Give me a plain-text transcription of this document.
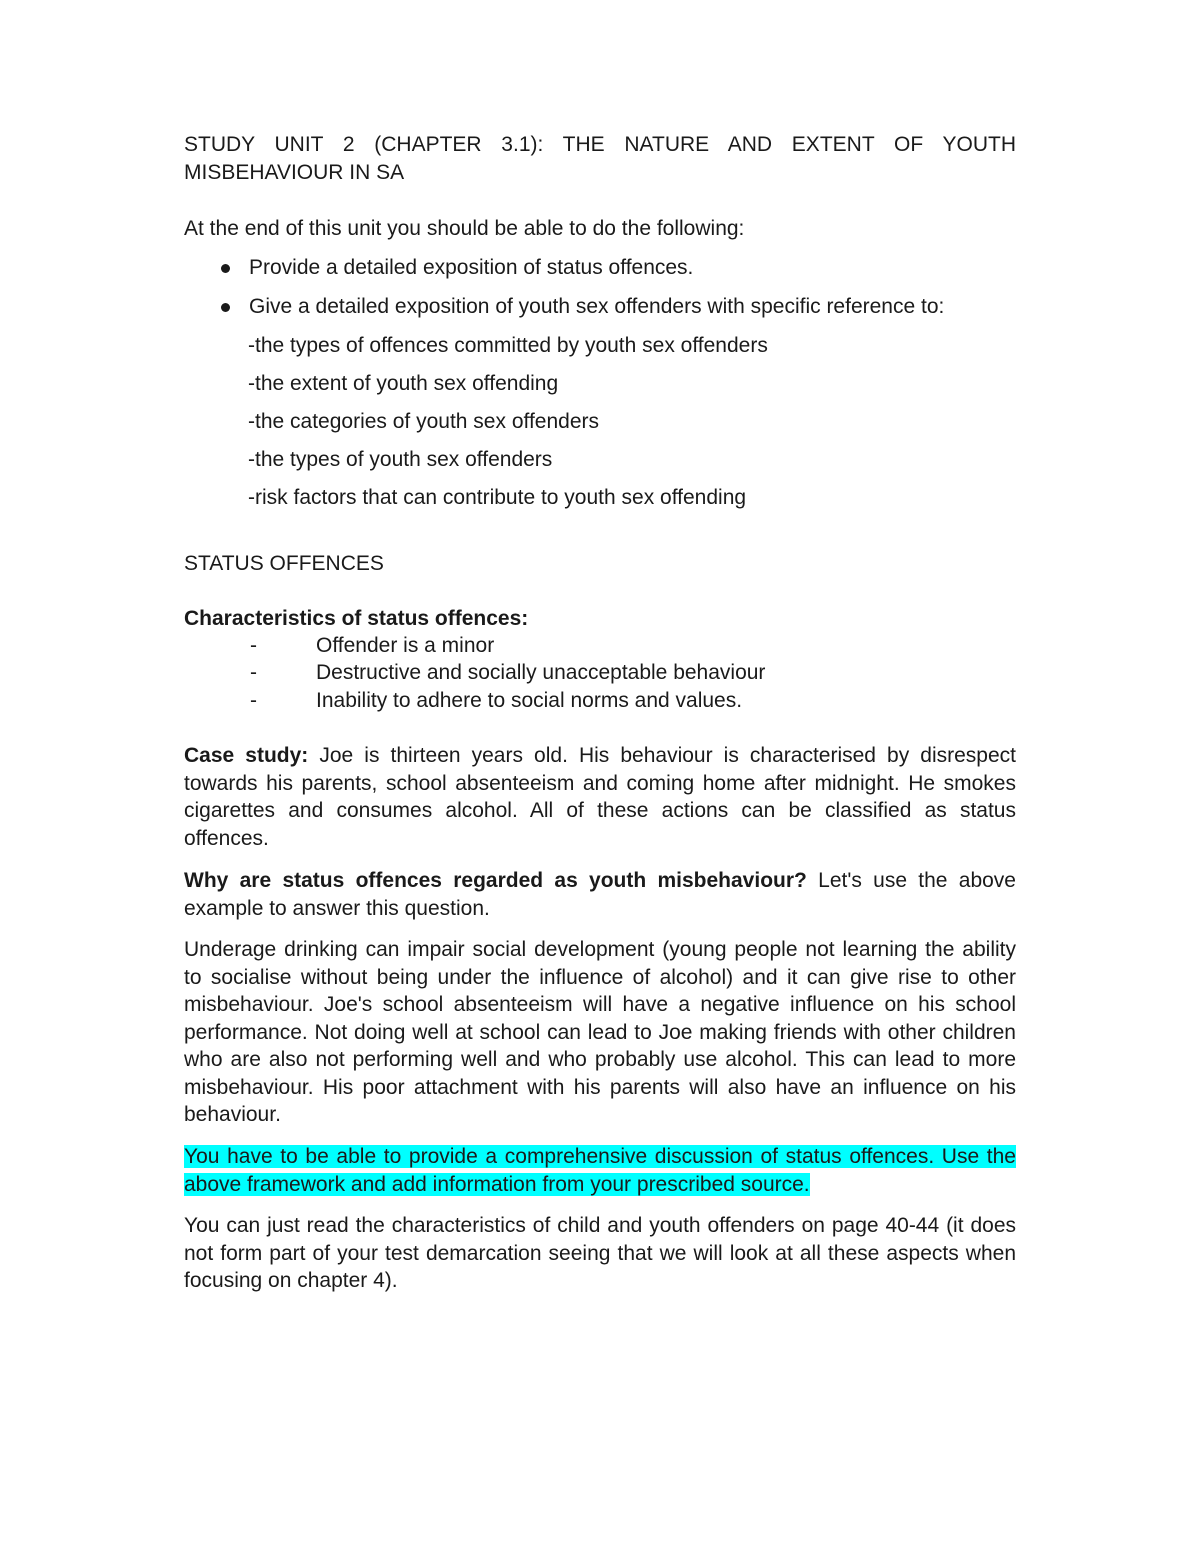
STUDY UNIT 2 (CHAPTER 3.1): THE NATURE AND EXTENT OF YOUTH MISBEHAVIOUR IN SA
At the end of this unit you should be able to do the following:
Provide a detailed exposition of status offences.
Give a detailed exposition of youth sex offenders with specific reference to:
-the types of offences committed by youth sex offenders
-the extent of youth sex offending
-the categories of youth sex offenders
-the types of youth sex offenders
-risk factors that can contribute to youth sex offending
STATUS OFFENCES
Characteristics of status offences:
-	Offender is a minor
-	Destructive and socially unacceptable behaviour
-	Inability to adhere to social norms and values.
Case study: Joe is thirteen years old. His behaviour is characterised by disrespect towards his parents, school absenteeism and coming home after midnight. He smokes cigarettes and consumes alcohol. All of these actions can be classified as status offences.
Why are status offences regarded as youth misbehaviour? Let's use the above example to answer this question.
Underage drinking can impair social development (young people not learning the ability to socialise without being under the influence of alcohol) and it can give rise to other misbehaviour. Joe's school absenteeism will have a negative influence on his school performance. Not doing well at school can lead to Joe making friends with other children who are also not performing well and who probably use alcohol. This can lead to more misbehaviour. His poor attachment with his parents will also have an influence on his behaviour.
You have to be able to provide a comprehensive discussion of status offences. Use the above framework and add information from your prescribed source.
You can just read the characteristics of child and youth offenders on page 40-44 (it does not form part of your test demarcation seeing that we will look at all these aspects when focusing on chapter 4).
